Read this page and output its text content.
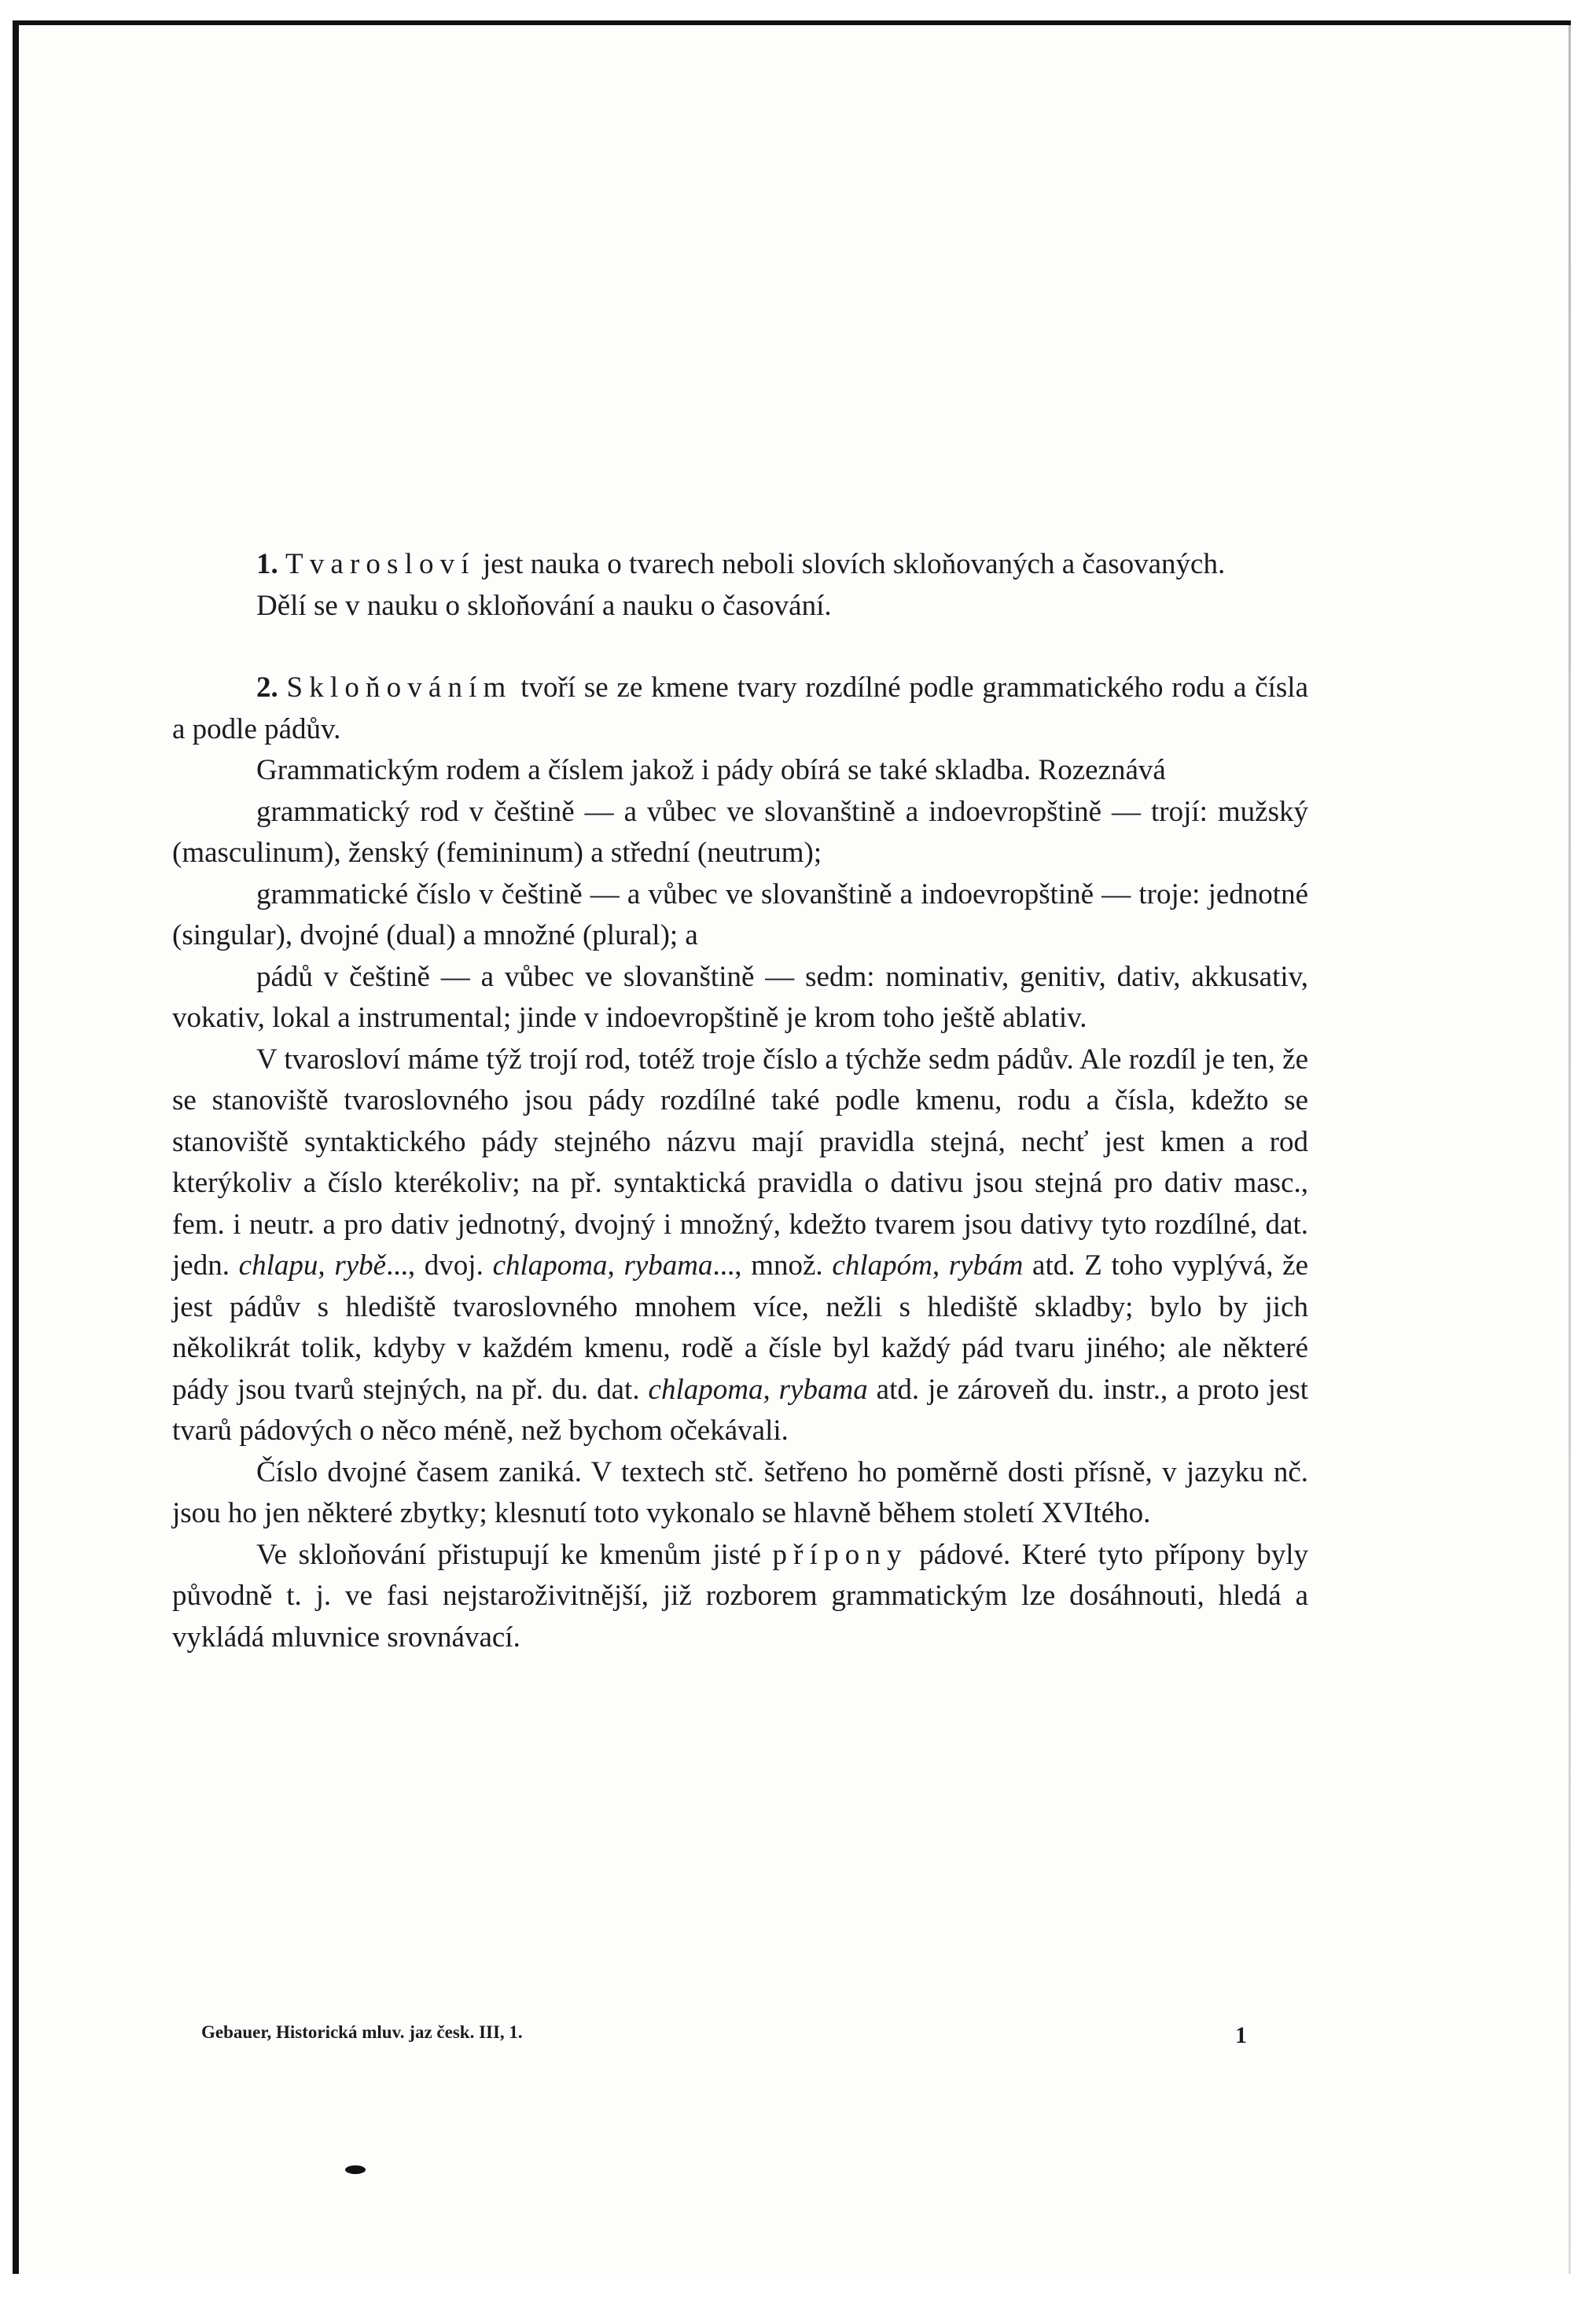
1. Tvarosloví jest nauka o tvarech neboli slovích skloňovaných a časovaných.

Dělí se v nauku o skloňování a nauku o časování.

2. Skloňováním tvoří se ze kmene tvary rozdílné podle grammatického rodu a čísla a podle pádův.

Grammatickým rodem a číslem jakož i pády obírá se také skladba. Rozeznává

grammatický rod v češtině — a vůbec ve slovanštině a indoevropštině — trojí: mužský (masculinum), ženský (femininum) a střední (neutrum);

grammatické číslo v češtině — a vůbec ve slovanštině a indoevropštině — troje: jednotné (singular), dvojné (dual) a množné (plural); a

pádů v češtině — a vůbec ve slovanštině — sedm: nominativ, genitiv, dativ, akkusativ, vokativ, lokal a instrumental; jinde v indoevropštině je krom toho ještě ablativ.

V tvarosloví máme týž trojí rod, totéž troje číslo a týchže sedm pádův. Ale rozdíl je ten, že se stanoviště tvaroslovného jsou pády rozdílné také podle kmenu, rodu a čísla, kdežto se stanoviště syntaktického pády stejného názvu mají pravidla stejná, nechť jest kmen a rod kterýkoliv a číslo kterékoliv; na př. syntaktická pravidla o dativu jsou stejná pro dativ masc., fem. i neutr. a pro dativ jednotný, dvojný i množný, kdežto tvarem jsou dativy tyto rozdílné, dat. jedn. chlapu, rybě..., dvoj. chlapoma, rybama..., množ. chlapóm, rybám atd. Z toho vyplývá, že jest pádův s hlediště tvaroslovného mnohem více, nežli s hlediště skladby; bylo by jich několikrát tolik, kdyby v každém kmenu, rodě a čísle byl každý pád tvaru jiného; ale některé pády jsou tvarů stejných, na př. du. dat. chlapoma, rybama atd. je zároveň du. instr., a proto jest tvarů pádových o něco méně, než bychom očekávali.

Číslo dvojné časem zaniká. V textech stč. šetřeno ho poměrně dosti přísně, v jazyku nč. jsou ho jen některé zbytky; klesnutí toto vykonalo se hlavně během století XVItého.

Ve skloňování přistupují ke kmenům jisté přípony pádové. Které tyto přípony byly původně t. j. ve fasi nejstaroživitnější, již rozborem grammatickým lze dosáhnouti, hledá a vykládá mluvnice srovnávací.

Gebauer, Historická mluv. jaz česk. III, 1.	1
